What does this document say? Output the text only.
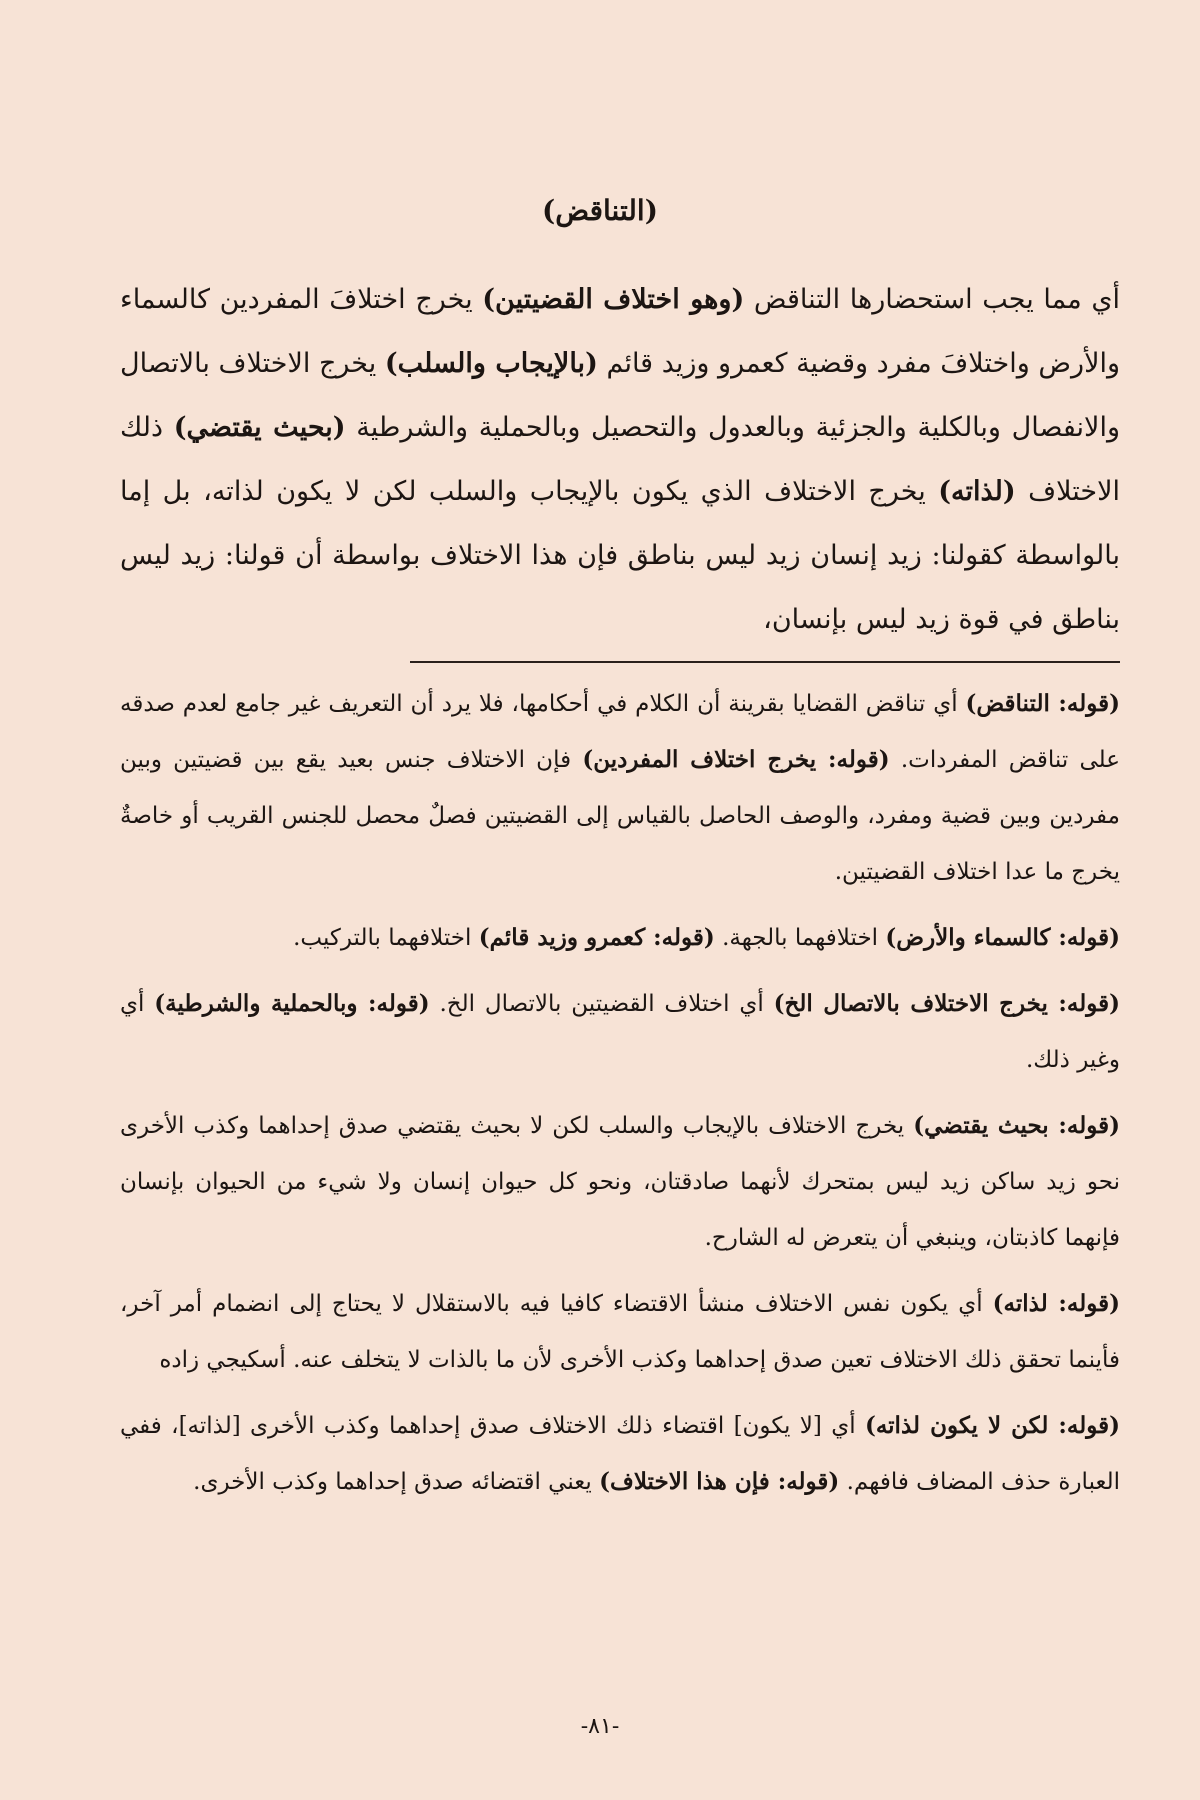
(التناقض)
أي مما يجب استحضارها التناقض (وهو اختلاف القضيتين) يخرج اختلافَ المفردين كالسماء والأرض واختلافَ مفرد وقضية كعمرو وزيد قائم (بالإيجاب والسلب) يخرج الاختلاف بالاتصال والانفصال وبالكلية والجزئية وبالعدول والتحصيل وبالحملية والشرطية (بحيث يقتضي) ذلك الاختلاف (لذاته) يخرج الاختلاف الذي يكون بالإيجاب والسلب لكن لا يكون لذاته، بل إما بالواسطة كقولنا: زيد إنسان زيد ليس بناطق فإن هذا الاختلاف بواسطة أن قولنا: زيد ليس بناطق في قوة زيد ليس بإنسان،

(قوله: التناقض) أي تناقض القضايا بقرينة أن الكلام في أحكامها، فلا يرد أن التعريف غير جامع لعدم صدقه على تناقض المفردات. (قوله: يخرج اختلاف المفردين) فإن الاختلاف جنس بعيد يقع بين قضيتين وبين مفردين وبين قضية ومفرد، والوصف الحاصل بالقياس إلى القضيتين فصلٌ محصل للجنس القريب أو خاصةٌ يخرج ما عدا اختلاف القضيتين.

(قوله: كالسماء والأرض) اختلافهما بالجهة. (قوله: كعمرو وزيد قائم) اختلافهما بالتركيب.

(قوله: يخرج الاختلاف بالاتصال الخ) أي اختلاف القضيتين بالاتصال الخ. (قوله: وبالحملية والشرطية) أي وغير ذلك.

(قوله: بحيث يقتضي) يخرج الاختلاف بالإيجاب والسلب لكن لا بحيث يقتضي صدق إحداهما وكذب الأخرى نحو زيد ساكن زيد ليس بمتحرك لأنهما صادقتان، ونحو كل حيوان إنسان ولا شيء من الحيوان بإنسان فإنهما كاذبتان، وينبغي أن يتعرض له الشارح.

(قوله: لذاته) أي يكون نفس الاختلاف منشأ الاقتضاء كافيا فيه بالاستقلال لا يحتاج إلى انضمام أمر آخر، فأينما تحقق ذلك الاختلاف تعين صدق إحداهما وكذب الأخرى لأن ما بالذات لا يتخلف عنه. أسكيجي زاده

(قوله: لكن لا يكون لذاته) أي [لا يكون] اقتضاء ذلك الاختلاف صدق إحداهما وكذب الأخرى [لذاته]، ففي العبارة حذف المضاف فافهم. (قوله: فإن هذا الاختلاف) يعني اقتضائه صدق إحداهما وكذب الأخرى.

-٨١-
